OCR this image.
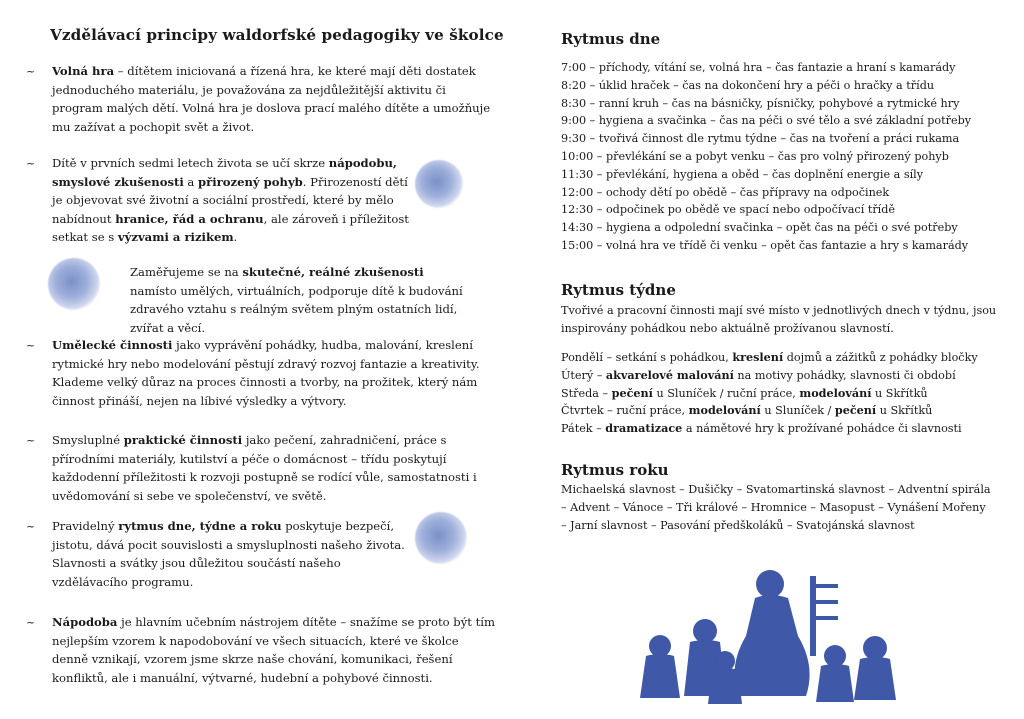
Vzdělávací principy waldorfské pedagogiky ve školce
~ Volná hra – dítětem iniciovaná a řízená hra, ke které mají děti dostatek jednoduchého materiálu, je považována za nejdůležitější aktivitu či program malých dětí. Volná hra je doslova prací malého dítěte a umožňuje mu zažívat a pochopit svět a život.
~ Dítě v prvních sedmi letech života se učí skrze nápodobu, smyslové zkušenosti a přirozený pohyb. Přirozeností dětí je objevovat své životní a sociální prostředí, které by mělo nabídnout hranice, řád a ochranu, ale zároveň i příležitost setkat se s výzvami a rizikem.
Zaměřujeme se na skutečné, reálné zkušenosti namísto umělých, virtuálních, podporuje dítě k budování zdravého vztahu s reálným světem plným ostatních lidí, zvířat a věcí.
~ Umělecké činnosti jako vyprávění pohádky, hudba, malování, kreslení rytmické hry nebo modelování pěstují zdravý rozvoj fantazie a kreativity. Klademe velký důraz na proces činnosti a tvorby, na prožitek, který nám činnost přináší, nejen na líbivé výsledky a výtvory.
~ Smysluplné praktické činnosti jako pečení, zahradničení, práce s přírodními materiály, kutilství a péče o domácnost – třídu poskytují každodenní příležitosti k rozvoji postupně se rodící vůle, samostatnosti i uvědomování si sebe ve společenství, ve světě.
~ Pravidelný rytmus dne, týdne a roku poskytuje bezpečí, jistotu, dává pocit souvislosti a smysluplnosti našeho života. Slavnosti a svátky jsou důležitou součástí našeho vzdělávacího programu.
~ Nápodoba je hlavním učebním nástrojem dítěte – snažíme se proto být tím nejlepším vzorem k napodobování ve všech situacích, které ve školce denně vznikají, vzorem jsme skrze naše chování, komunikaci, řešení konfliktů, ale i manuální, výtvarné, hudební a pohybové činnosti.
Rytmus dne
7:00 – příchody, vítání se, volná hra – čas fantazie a hraní s kamarády
8:20 – úklid hraček – čas na dokončení hry a péči o hračky a třídu
8:30 – ranní kruh – čas na básničky, písničky, pohybové a rytmické hry
9:00 – hygiena a svačinka – čas na péči o své tělo a své základní potřeby
9:30 – tvořivá činnost dle rytmu týdne – čas na tvoření a práci rukama
10:00 – převlékání se a pobyt venku – čas pro volný přirozený pohyb
11:30 – převlékání, hygiena a oběd – čas doplnění energie a síly
12:00 – ochody dětí po obědě – čas přípravy na odpočinek
12:30 – odpočinek po obědě ve spací nebo odpočívací třídě
14:30 – hygiena a odpolední svačinka – opět čas na péči o své potřeby
15:00 – volná hra ve třídě či venku – opět čas fantazie a hry s kamarády
Rytmus týdne
Tvořivé a pracovní činnosti mají své místo v jednotlivých dnech v týdnu, jsou inspirovány pohádkou nebo aktuálně prožívanou slavností.
Pondělí – setkání s pohádkou, kreslení dojmů a zážitků z pohádky bločky
Úterý – akvarelové malování na motivy pohádky, slavnosti či období
Středa – pečení u Sluníček / ruční práce, modelování u Skřítků
Čtvrtek – ruční práce, modelování u Sluníček / pečení u Skřítků
Pátek – dramatizace a námětové hry k prožívané pohádce či slavnosti
Rytmus roku
Michaelská slavnost – Dušičky – Svatomartinská slavnost – Adventní spirála
– Advent – Vánoce – Tři králové – Hromnice – Masopust – Vynášení Mořeny
– Jarní slavnost – Pasování předškoláků – Svatojánská slavnost
